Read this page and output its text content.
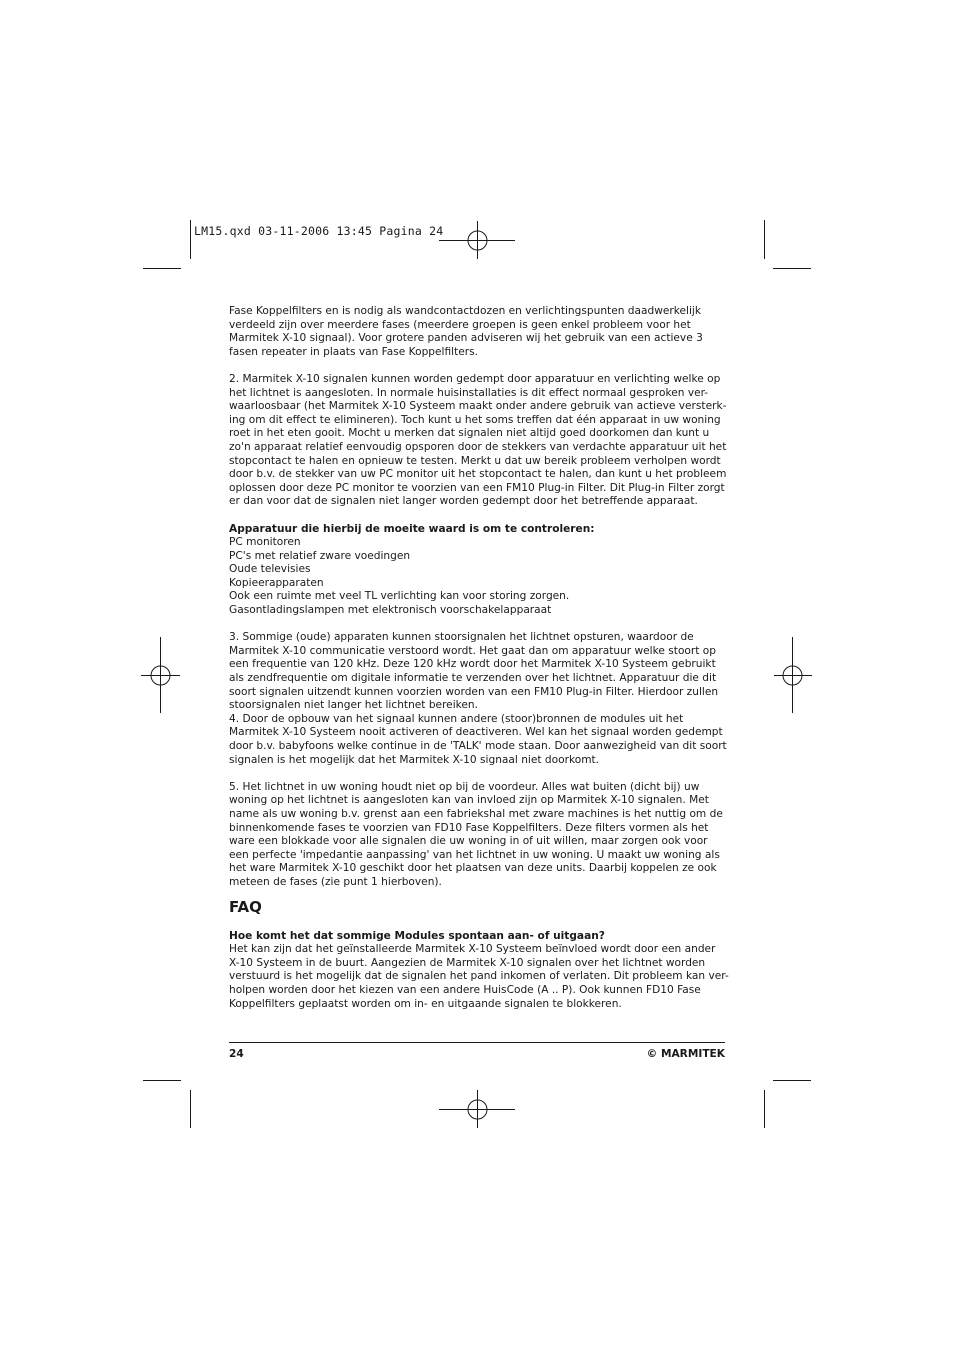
LM15.qxd 03-11-2006 13:45 Pagina 24

Fase Koppelfilters en is nodig als wandcontactdozen en verlichtingspunten daadwerkelijk verdeeld zijn over meerdere fases (meerdere groepen is geen enkel probleem voor het Marmitek X-10 signaal). Voor grotere panden adviseren wij het gebruik van een actieve 3 fasen repeater in plaats van Fase Koppelfilters.

2. Marmitek X-10 signalen kunnen worden gedempt door apparatuur en verlichting welke op het lichtnet is aangesloten. In normale huisinstallaties is dit effect normaal gesproken ver-waarloosbaar (het Marmitek X-10 Systeem maakt onder andere gebruik van actieve versterk-ing om dit effect te elimineren). Toch kunt u het soms treffen dat één apparaat in uw woning roet in het eten gooit. Mocht u merken dat signalen niet altijd goed doorkomen dan kunt u zo'n apparaat relatief eenvoudig opsporen door de stekkers van verdachte apparatuur uit het stopcontact te halen en opnieuw te testen. Merkt u dat uw bereik probleem verholpen wordt door b.v. de stekker van uw PC monitor uit het stopcontact te halen, dan kunt u het probleem oplossen door deze PC monitor te voorzien van een FM10 Plug-in Filter. Dit Plug-in Filter zorgt er dan voor dat de signalen niet langer worden gedempt door het betreffende apparaat.

Apparatuur die hierbij de moeite waard is om te controleren:

PC monitoren

PC's met relatief zware voedingen

Oude televisies

Kopieerapparaten

Ook een ruimte met veel TL verlichting kan voor storing zorgen.

Gasontladingslampen met elektronisch voorschakelapparaat

3. Sommige (oude) apparaten kunnen stoorsignalen het lichtnet opsturen, waardoor de Marmitek X-10 communicatie verstoord wordt. Het gaat dan om apparatuur welke stoort op een frequentie van 120 kHz. Deze 120 kHz wordt door het Marmitek X-10 Systeem gebruikt als zendfrequentie om digitale informatie te verzenden over het lichtnet. Apparatuur die dit soort signalen uitzendt kunnen voorzien worden van een FM10 Plug-in Filter. Hierdoor zullen stoorsignalen niet langer het lichtnet bereiken.

4. Door de opbouw van het signaal kunnen andere (stoor)bronnen de modules uit het Marmitek X-10 Systeem nooit activeren of deactiveren. Wel kan het signaal worden gedempt door b.v. babyfoons welke continue in de 'TALK' mode staan. Door aanwezigheid van dit soort signalen is het mogelijk dat het Marmitek X-10 signaal niet doorkomt.

5. Het lichtnet in uw woning houdt niet op bij de voordeur. Alles wat buiten (dicht bij) uw woning op het lichtnet is aangesloten kan van invloed zijn op Marmitek X-10 signalen. Met name als uw woning b.v. grenst aan een fabriekshal met zware machines is het nuttig om de binnenkomende fases te voorzien van FD10 Fase Koppelfilters. Deze filters vormen als het ware een blokkade voor alle signalen die uw woning in of uit willen, maar zorgen ook voor een perfecte 'impedantie aanpassing' van het lichtnet in uw woning. U maakt uw woning als het ware Marmitek X-10 geschikt door het plaatsen van deze units. Daarbij koppelen ze ook meteen de fases (zie punt 1 hierboven).

FAQ

Hoe komt het dat sommige Modules spontaan aan- of uitgaan?

Het kan zijn dat het geïnstalleerde Marmitek X-10 Systeem beïnvloed wordt door een ander X-10 Systeem in de buurt. Aangezien de Marmitek X-10 signalen over het lichtnet worden verstuurd is het mogelijk dat de signalen het pand inkomen of verlaten. Dit probleem kan ver-holpen worden door het kiezen van een andere HuisCode (A .. P). Ook kunnen FD10 Fase Koppelfilters geplaatst worden om in- en uitgaande signalen te blokkeren.

24	© MARMITEK
